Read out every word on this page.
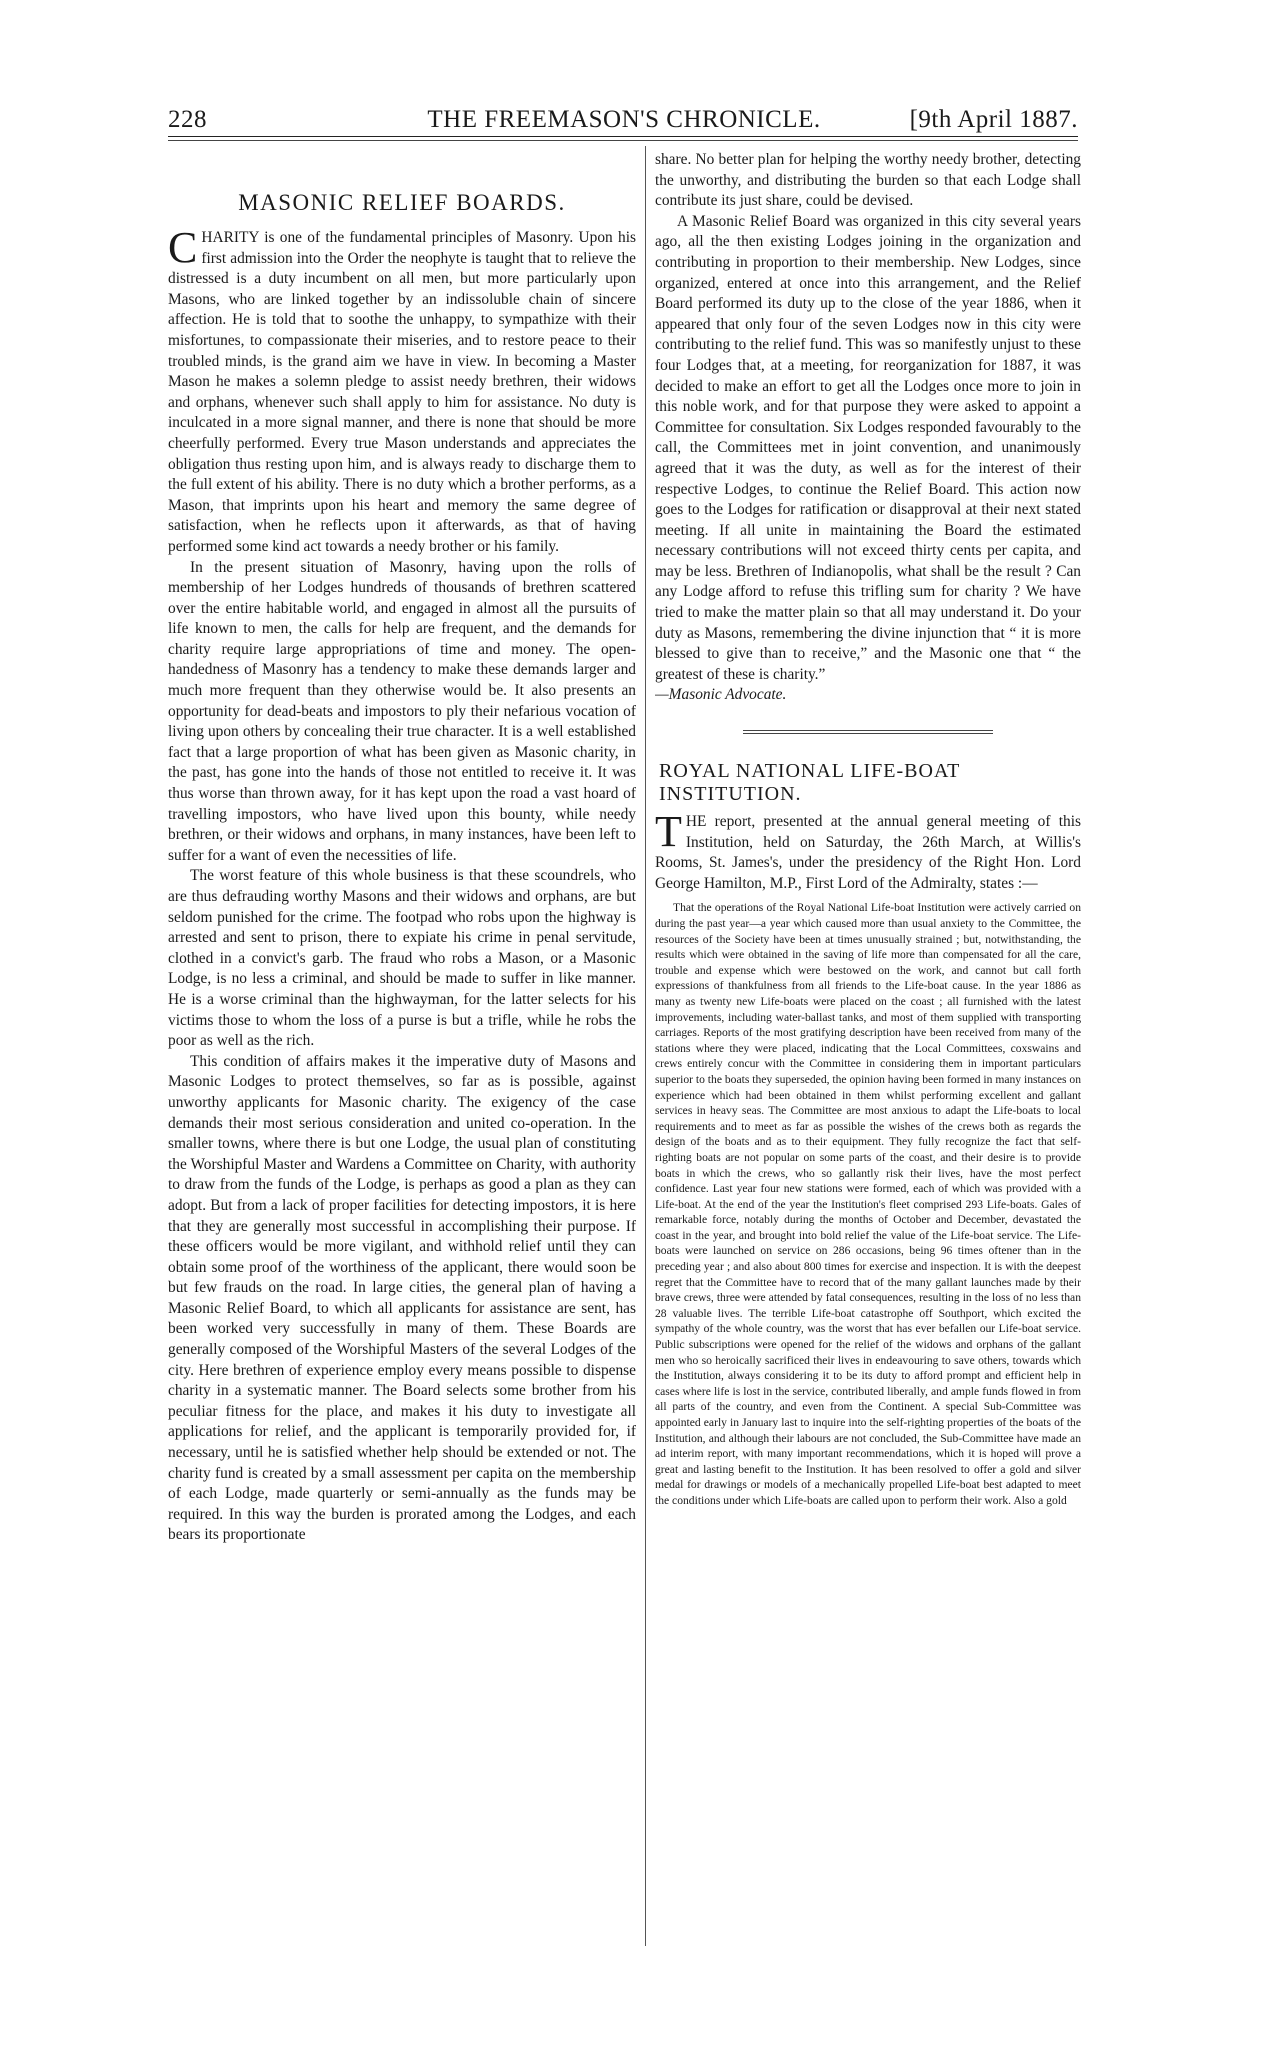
228	THE FREEMASON'S CHRONICLE.	[9th April 1887.
MASONIC RELIEF BOARDS.

CHARITY is one of the fundamental principles of Masonry. Upon his first admission into the Order the neophyte is taught that to relieve the distressed is a duty incumbent on all men, but more particularly upon Masons, who are linked together by an indissoluble chain of sincere affection. He is told that to soothe the unhappy, to sympathize with their misfortunes, to compassionate their miseries, and to restore peace to their troubled minds, is the grand aim we have in view. In becoming a Master Mason he makes a solemn pledge to assist needy brethren, their widows and orphans, whenever such shall apply to him for assistance. No duty is inculcated in a more signal manner, and there is none that should be more cheerfully performed. Every true Mason understands and appreciates the obligation thus resting upon him, and is always ready to discharge them to the full extent of his ability. There is no duty which a brother performs, as a Mason, that imprints upon his heart and memory the same degree of satisfaction, when he reflects upon it afterwards, as that of having performed some kind act towards a needy brother or his family.

In the present situation of Masonry, having upon the rolls of membership of her Lodges hundreds of thousands of brethren scattered over the entire habitable world, and engaged in almost all the pursuits of life known to men, the calls for help are frequent, and the demands for charity require large appropriations of time and money. The open-handedness of Masonry has a tendency to make these demands larger and much more frequent than they otherwise would be. It also presents an opportunity for dead-beats and impostors to ply their nefarious vocation of living upon others by concealing their true character. It is a well established fact that a large proportion of what has been given as Masonic charity, in the past, has gone into the hands of those not entitled to receive it. It was thus worse than thrown away, for it has kept upon the road a vast hoard of travelling impostors, who have lived upon this bounty, while needy brethren, or their widows and orphans, in many instances, have been left to suffer for a want of even the necessities of life.

The worst feature of this whole business is that these scoundrels, who are thus defrauding worthy Masons and their widows and orphans, are but seldom punished for the crime. The footpad who robs upon the highway is arrested and sent to prison, there to expiate his crime in penal servitude, clothed in a convict's garb. The fraud who robs a Mason, or a Masonic Lodge, is no less a criminal, and should be made to suffer in like manner. He is a worse criminal than the highwayman, for the latter selects for his victims those to whom the loss of a purse is but a trifle, while he robs the poor as well as the rich.

This condition of affairs makes it the imperative duty of Masons and Masonic Lodges to protect themselves, so far as is possible, against unworthy applicants for Masonic charity. The exigency of the case demands their most serious consideration and united co-operation. In the smaller towns, where there is but one Lodge, the usual plan of constituting the Worshipful Master and Wardens a Committee on Charity, with authority to draw from the funds of the Lodge, is perhaps as good a plan as they can adopt. But from a lack of proper facilities for detecting impostors, it is here that they are generally most successful in accomplishing their purpose. If these officers would be more vigilant, and withhold relief until they can obtain some proof of the worthiness of the applicant, there would soon be but few frauds on the road. In large cities, the general plan of having a Masonic Relief Board, to which all applicants for assistance are sent, has been worked very successfully in many of them. These Boards are generally composed of the Worshipful Masters of the several Lodges of the city. Here brethren of experience employ every means possible to dispense charity in a systematic manner. The Board selects some brother from his peculiar fitness for the place, and makes it his duty to investigate all applications for relief, and the applicant is temporarily provided for, if necessary, until he is satisfied whether help should be extended or not. The charity fund is created by a small assessment per capita on the membership of each Lodge, made quarterly or semi-annually as the funds may be required. In this way the burden is prorated among the Lodges, and each bears its proportionate

share. No better plan for helping the worthy needy brother, detecting the unworthy, and distributing the burden so that each Lodge shall contribute its just share, could be devised.

A Masonic Relief Board was organized in this city several years ago, all the then existing Lodges joining in the organization and contributing in proportion to their membership. New Lodges, since organized, entered at once into this arrangement, and the Relief Board performed its duty up to the close of the year 1886, when it appeared that only four of the seven Lodges now in this city were contributing to the relief fund. This was so manifestly unjust to these four Lodges that, at a meeting, for reorganization for 1887, it was decided to make an effort to get all the Lodges once more to join in this noble work, and for that purpose they were asked to appoint a Committee for consultation. Six Lodges responded favourably to the call, the Committees met in joint convention, and unanimously agreed that it was the duty, as well as for the interest of their respective Lodges, to continue the Relief Board. This action now goes to the Lodges for ratification or disapproval at their next stated meeting. If all unite in maintaining the Board the estimated necessary contributions will not exceed thirty cents per capita, and may be less. Brethren of Indianopolis, what shall be the result ? Can any Lodge afford to refuse this trifling sum for charity ? We have tried to make the matter plain so that all may understand it. Do your duty as Masons, remembering the divine injunction that “ it is more blessed to give than to receive,” and the Masonic one that “ the greatest of these is charity.”

—Masonic Advocate.

ROYAL NATIONAL LIFE-BOAT INSTITUTION.

THE report, presented at the annual general meeting of this Institution, held on Saturday, the 26th March, at Willis's Rooms, St. James's, under the presidency of the Right Hon. Lord George Hamilton, M.P., First Lord of the Admiralty, states :—

That the operations of the Royal National Life-boat Institution were actively carried on during the past year—a year which caused more than usual anxiety to the Committee, the resources of the Society have been at times unusually strained ; but, notwithstanding, the results which were obtained in the saving of life more than compensated for all the care, trouble and expense which were bestowed on the work, and cannot but call forth expressions of thankfulness from all friends to the Life-boat cause. In the year 1886 as many as twenty new Life-boats were placed on the coast ; all furnished with the latest improvements, including water-ballast tanks, and most of them supplied with transporting carriages. Reports of the most gratifying description have been received from many of the stations where they were placed, indicating that the Local Committees, coxswains and crews entirely concur with the Committee in considering them in important particulars superior to the boats they superseded, the opinion having been formed in many instances on experience which had been obtained in them whilst performing excellent and gallant services in heavy seas. The Committee are most anxious to adapt the Life-boats to local requirements and to meet as far as possible the wishes of the crews both as regards the design of the boats and as to their equipment. They fully recognize the fact that self-righting boats are not popular on some parts of the coast, and their desire is to provide boats in which the crews, who so gallantly risk their lives, have the most perfect confidence. Last year four new stations were formed, each of which was provided with a Life-boat. At the end of the year the Institution's fleet comprised 293 Life-boats. Gales of remarkable force, notably during the months of October and December, devastated the coast in the year, and brought into bold relief the value of the Life-boat service. The Life-boats were launched on service on 286 occasions, being 96 times oftener than in the preceding year ; and also about 800 times for exercise and inspection. It is with the deepest regret that the Committee have to record that of the many gallant launches made by their brave crews, three were attended by fatal consequences, resulting in the loss of no less than 28 valuable lives. The terrible Life-boat catastrophe off Southport, which excited the sympathy of the whole country, was the worst that has ever befallen our Life-boat service. Public subscriptions were opened for the relief of the widows and orphans of the gallant men who so heroically sacrificed their lives in endeavouring to save others, towards which the Institution, always considering it to be its duty to afford prompt and efficient help in cases where life is lost in the service, contributed liberally, and ample funds flowed in from all parts of the country, and even from the Continent. A special Sub-Committee was appointed early in January last to inquire into the self-righting properties of the boats of the Institution, and although their labours are not concluded, the Sub-Committee have made an ad interim report, with many important recommendations, which it is hoped will prove a great and lasting benefit to the Institution. It has been resolved to offer a gold and silver medal for drawings or models of a mechanically propelled Life-boat best adapted to meet the conditions under which Life-boats are called upon to perform their work. Also a gold
